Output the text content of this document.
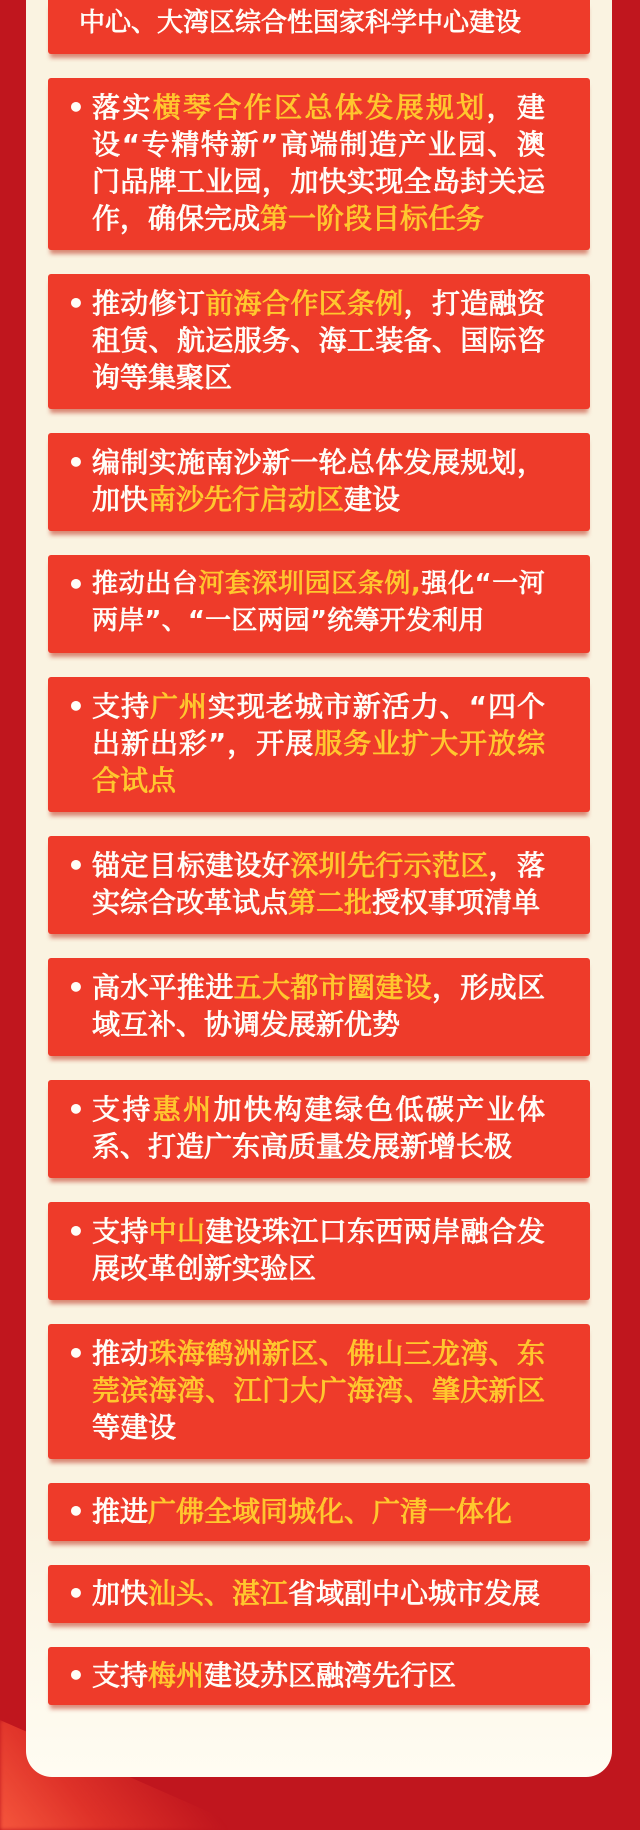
中心、大湾区综合性国家科学中心建设

• 落实横琴合作区总体发展规划，建设“专精特新”高端制造产业园、澳门品牌工业园，加快实现全岛封关运作，确保完成第一阶段目标任务

• 推动修订前海合作区条例，打造融资租赁、航运服务、海工装备、国际咨询等集聚区

• 编制实施南沙新一轮总体发展规划，加快南沙先行启动区建设

• 推动出台河套深圳园区条例,强化“一河两岸”、“一区两园”统筹开发利用

• 支持广州实现老城市新活力、“四个出新出彩”，开展服务业扩大开放综合试点

• 锚定目标建设好深圳先行示范区，落实综合改革试点第二批授权事项清单

• 高水平推进五大都市圈建设，形成区域互补、协调发展新优势

• 支持惠州加快构建绿色低碳产业体系、打造广东高质量发展新增长极

• 支持中山建设珠江口东西两岸融合发展改革创新实验区

• 推动珠海鹤洲新区、佛山三龙湾、东莞滨海湾、江门大广海湾、肇庆新区等建设

• 推进广佛全域同城化、广清一体化

• 加快汕头、湛江省域副中心城市发展

• 支持梅州建设苏区融湾先行区
